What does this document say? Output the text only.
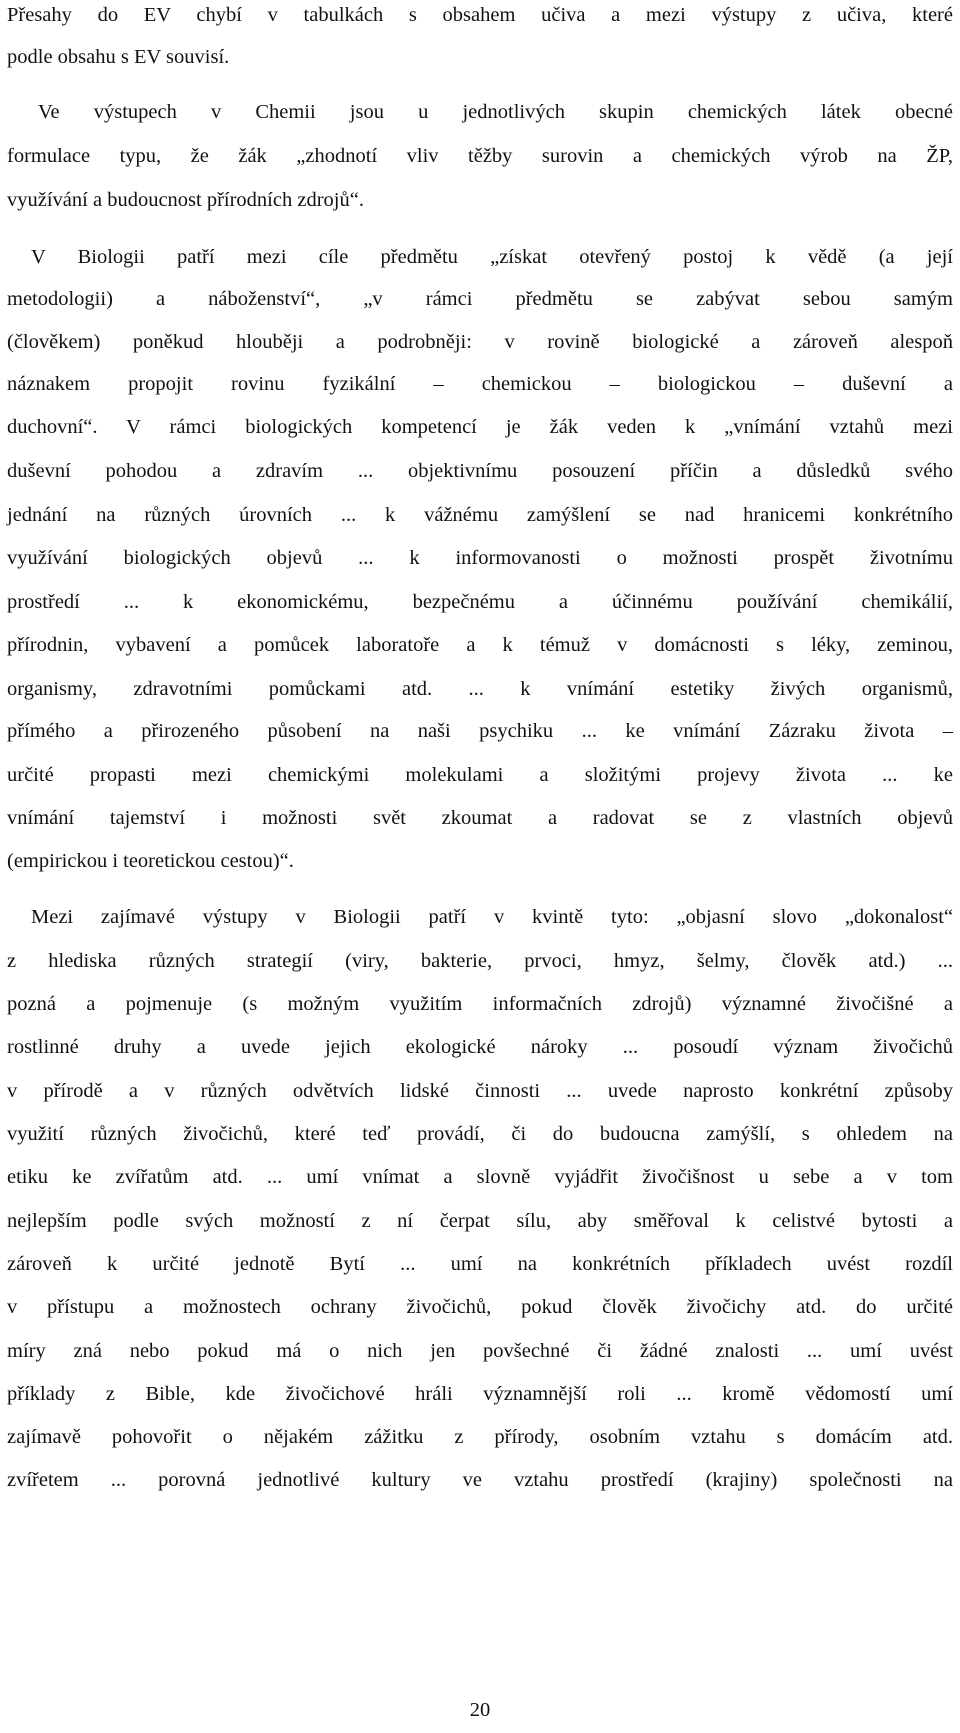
Přesahy do EV chybí v tabulkách s obsahem učiva a mezi výstupy z učiva, které
podle obsahu s EV souvisí.
Ve výstupech v Chemii jsou u jednotlivých skupin chemických látek obecné
formulace typu, že žák „zhodnotí vliv těžby surovin a chemických výrob na ŽP,
využívání a budoucnost přírodních zdrojů“.
V Biologii patří mezi cíle předmětu „získat otevřený postoj k vědě (a její
metodologii) a náboženství“, „v rámci předmětu se zabývat sebou samým
(člověkem) poněkud hlouběji a podrobněji: v rovině biologické a zároveň alespoň
náznakem propojit rovinu fyzikální – chemickou – biologickou – duševní a
duchovní“. V rámci biologických kompetencí je žák veden k „vnímání vztahů mezi
duševní pohodou a zdravím ... objektivnímu posouzení příčin a důsledků svého
jednání na různých úrovních ... k vážnému zamýšlení se nad hranicemi konkrétního
využívání biologických objevů ... k informovanosti o možnosti prospět životnímu
prostředí ... k ekonomickému, bezpečnému a účinnému používání chemikálií,
přírodnin, vybavení a pomůcek laboratoře a k témuž v domácnosti s léky, zeminou,
organismy, zdravotními pomůckami atd. ... k vnímání estetiky živých organismů,
přímého a přirozeného působení na naši psychiku ... ke vnímání Zázraku života –
určité propasti mezi chemickými molekulami a složitými projevy života ... ke
vnímání tajemství i možnosti svět zkoumat a radovat se z vlastních objevů
(empirickou i teoretickou cestou)“.
Mezi zajímavé výstupy v Biologii patří v kvintě tyto: „objasní slovo „dokonalost“
z hlediska různých strategií (viry, bakterie, prvoci, hmyz, šelmy, člověk atd.) ...
pozná a pojmenuje (s možným využitím informačních zdrojů) významné živočišné a
rostlinné druhy a uvede jejich ekologické nároky ... posoudí význam živočichů
v přírodě a v různých odvětvích lidské činnosti ... uvede naprosto konkrétní způsoby
využití různých živočichů, které teď provádí, či do budoucna zamýšlí, s ohledem na
etiku ke zvířatům atd. ... umí vnímat a slovně vyjádřit živočišnost u sebe a v tom
nejlepším podle svých možností z ní čerpat sílu, aby směřoval k celistvé bytosti a
zároveň k určité jednotě Bytí ... umí na konkrétních příkladech uvést rozdíl
v přístupu a možnostech ochrany živočichů, pokud člověk živočichy atd. do určité
míry zná nebo pokud má o nich jen povšechné či žádné znalosti ... umí uvést
příklady z Bible, kde živočichové hráli významnější roli ... kromě vědomostí umí
zajímavě pohovořit o nějakém zážitku z přírody, osobním vztahu s domácím atd.
zvířetem ... porovná jednotlivé kultury ve vztahu prostředí (krajiny) společnosti na
20
